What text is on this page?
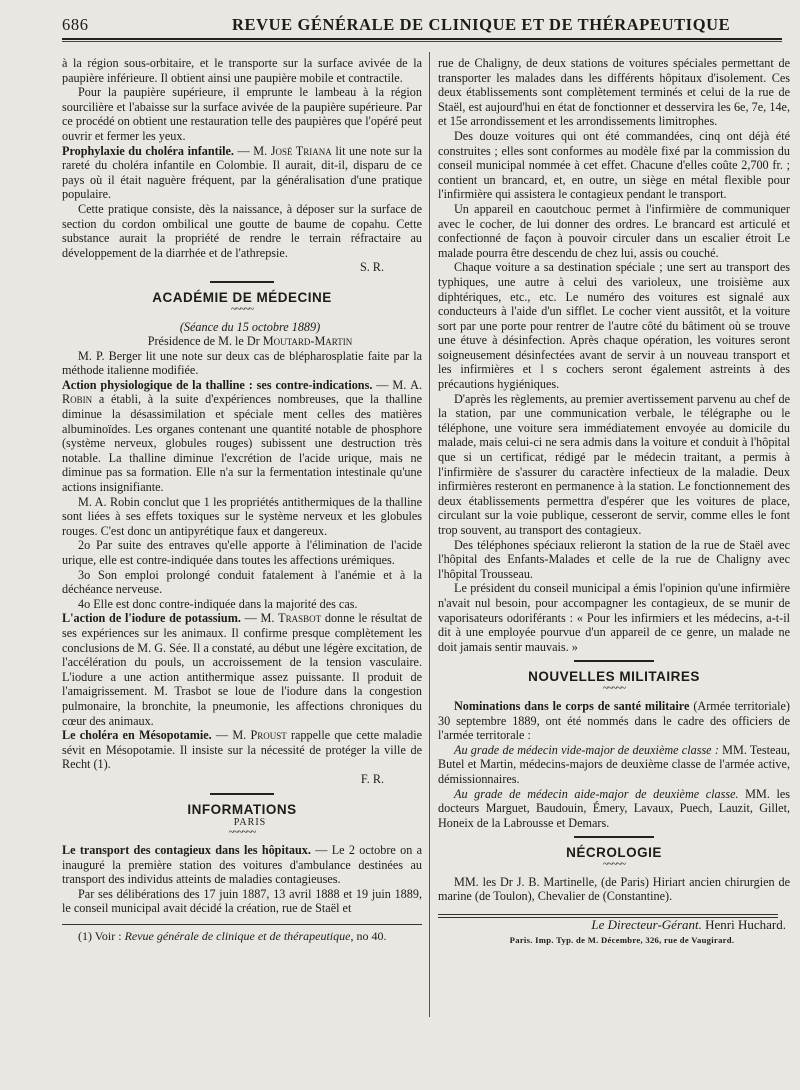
686	REVUE GÉNÉRALE DE CLINIQUE ET DE THÉRAPEUTIQUE

à la région sous-orbitaire, et le transporte sur la surface avivée de la paupière inférieure. Il obtient ainsi une paupière mobile et contractile.

Pour la paupière supérieure, il emprunte le lambeau à la région sourcilière et l'abaisse sur la surface avivée de la paupière supérieure. Par ce procédé on obtient une restauration telle des paupières que l'opéré peut ouvrir et fermer les yeux.

Prophylaxie du choléra infantile. — M. José Triana lit une note sur la rareté du choléra infantile en Colombie. Il aurait, dit-il, disparu de ce pays où il était naguère fréquent, par la généralisation d'une pratique populaire.

Cette pratique consiste, dès la naissance, à déposer sur la surface de section du cordon ombilical une goutte de baume de copahu. Cette substance aurait la propriété de rendre le terrain réfractaire au développement de la diarrhée et de l'athrepsie.

S. R.

ACADÉMIE DE MÉDECINE
~~~~~

(Séance du 15 octobre 1889)

Présidence de M. le Dr Moutard-Martin

M. P. Berger lit une note sur deux cas de blépharosplatie faite par la méthode italienne modifiée.

Action physiologique de la thalline : ses contre-indications. — M. A. Robin a établi, à la suite d'expériences nombreuses, que la thalline diminue la désassimilation et spéciale ment celles des matières albuminoïdes. Les organes contenant une quantité notable de phosphore (système nerveux, globules rouges) subissent une destruction très notable. La thalline diminue l'excrétion de l'acide urique, mais ne diminue pas sa formation. Elle n'a sur la fermentation intestinale qu'une actions insignifiante.

M. A. Robin conclut que 1 les propriétés antithermiques de la thalline sont liées à ses effets toxiques sur le système nerveux et les globules rouges. C'est donc un antipyrétique faux et dangereux.

2o Par suite des entraves qu'elle apporte à l'élimination de l'acide urique, elle est contre-indiquée dans toutes les affections urémiques.

3o Son emploi prolongé conduit fatalement à l'anémie et à la déchéance nerveuse.

4o Elle est donc contre-indiquée dans la majorité des cas.

L'action de l'iodure de potassium. — M. Trasbot donne le résultat de ses expériences sur les animaux. Il confirme presque complètement les conclusions de M. G. Sée. Il a constaté, au début une légère excitation, de l'accélération du pouls, un accroissement de la tension vasculaire. L'iodure a une action antithermique assez puissante. Il produit de l'amaigrissement. M. Trasbot se loue de l'iodure dans la congestion pulmonaire, la bronchite, la pneumonie, les affections chroniques du cœur des animaux.

Le choléra en Mésopotamie. — M. Proust rappelle que cette maladie sévit en Mésopotamie. Il insiste sur la nécessité de protéger la ville de Recht (1).

F. R.

INFORMATIONS

PARIS

~~~~~~

Le transport des contagieux dans les hôpitaux. — Le 2 octobre on a inauguré la première station des voitures d'ambulance destinées au transport des individus atteints de maladies contagieuses.

Par ses délibérations des 17 juin 1887, 13 avril 1888 et 19 juin 1889, le conseil municipal avait décidé la création, rue de Staël et

(1) Voir : Revue générale de clinique et de thérapeutique, no 40.

rue de Chaligny, de deux stations de voitures spéciales permettant de transporter les malades dans les différents hôpitaux d'isolement. Ces deux établissements sont complètement terminés et celui de la rue de Staël, est aujourd'hui en état de fonctionner et desservira les 6e, 7e, 14e, et 15e arrondissement et les arrondissements limitrophes.

Des douze voitures qui ont été commandées, cinq ont déjà été construites ; elles sont conformes au modèle fixé par la commission du conseil municipal nommée à cet effet. Chacune d'elles coûte 2,700 fr. ; contient un brancard, et, en outre, un siège en métal flexible pour l'infirmière qui assistera le contagieux pendant le transport.

Un appareil en caoutchouc permet à l'infirmière de communiquer avec le cocher, de lui donner des ordres. Le brancard est articulé et confectionné de façon à pouvoir circuler dans un escalier étroit Le malade pourra être descendu de chez lui, assis ou couché.

Chaque voiture a sa destination spéciale ; une sert au transport des typhiques, une autre à celui des varioleux, une troisième aux diphtériques, etc., etc. Le numéro des voitures est signalé aux conducteurs à l'aide d'un sifflet. Le cocher vient aussitôt, et la voiture sort par une porte pour rentrer de l'autre côté du bâtiment où se trouve une étuve à désinfection. Après chaque opération, les voitures seront soigneusement désinfectées avant de servir à un nouveau transport et les infirmières et l s cochers seront également astreints à des précautions hygiéniques.

D'après les règlements, au premier avertissement parvenu au chef de la station, par une communication verbale, le télégraphe ou le téléphone, une voiture sera immédiatement envoyée au domicile du malade, mais celui-ci ne sera admis dans la voiture et conduit à l'hôpital que si un certificat, rédigé par le médecin traitant, a permis à l'infirmière de s'assurer du caractère infectieux de la maladie. Deux infirmières resteront en permanence à la station. Le fonctionnement des deux établissements permettra d'espérer que les voitures de place, circulant sur la voie publique, cesseront de servir, comme elles le font trop souvent, au transport des contagieux.

Des téléphones spéciaux relieront la station de la rue de Staël avec l'hôpital des Enfants-Malades et celle de la rue de Chaligny avec l'hôpital Trousseau.

Le président du conseil municipal a émis l'opinion qu'une infirmière n'avait nul besoin, pour accompagner les contagieux, de se munir de vaporisateurs odoriférants : « Pour les infirmiers et les médecins, a-t-il dit à une employée pourvue d'un appareil de ce genre, un malade ne doit jamais sentir mauvais. »

NOUVELLES MILITAIRES
~~~~~

Nominations dans le corps de santé militaire (Armée territoriale) 30 septembre 1889, ont été nommés dans le cadre des officiers de l'armée territorale :

Au grade de médecin vide-major de deuxième classe : MM. Testeau, Butel et Martin, médecins-majors de deuxième classe de l'armée active, démissionnaires.

Au grade de médecin aide-major de deuxième classe. MM. les docteurs Marguet, Baudouin, Émery, Lavaux, Puech, Lauzit, Gillet, Honeix de la Labrousse et Demars.

NÉCROLOGIE
~~~~~

MM. les Dr J. B. Martinelle, (de Paris) Hiriart ancien chirurgien de marine (de Toulon), Chevalier de (Constantine).

Le Directeur-Gérant. Henri Huchard.

Paris. Imp. Typ. de M. Décembre, 326, rue de Vaugirard.
